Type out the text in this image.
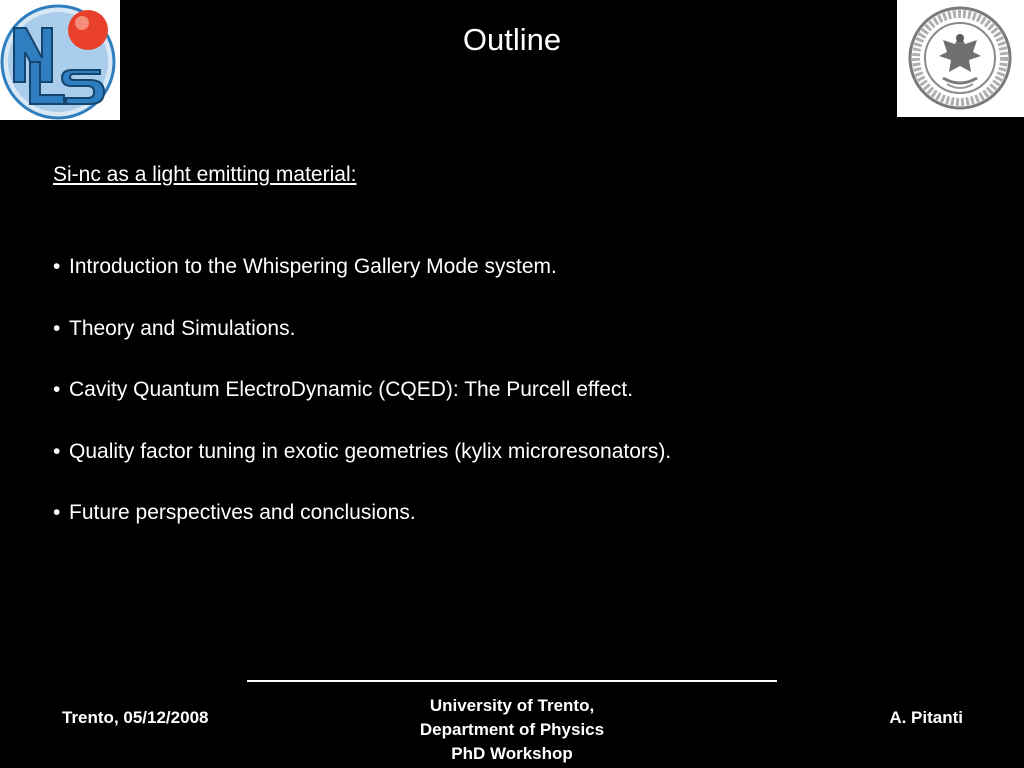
Outline
Si-nc as a light emitting material:
• Introduction to the Whispering Gallery Mode system.
• Theory and Simulations.
• Cavity Quantum ElectroDynamic (CQED): The Purcell effect.
• Quality factor tuning in exotic geometries (kylix microresonators).
• Future perspectives and conclusions.
Trento, 05/12/2008
University of Trento,
Department of Physics
PhD Workshop
A. Pitanti
